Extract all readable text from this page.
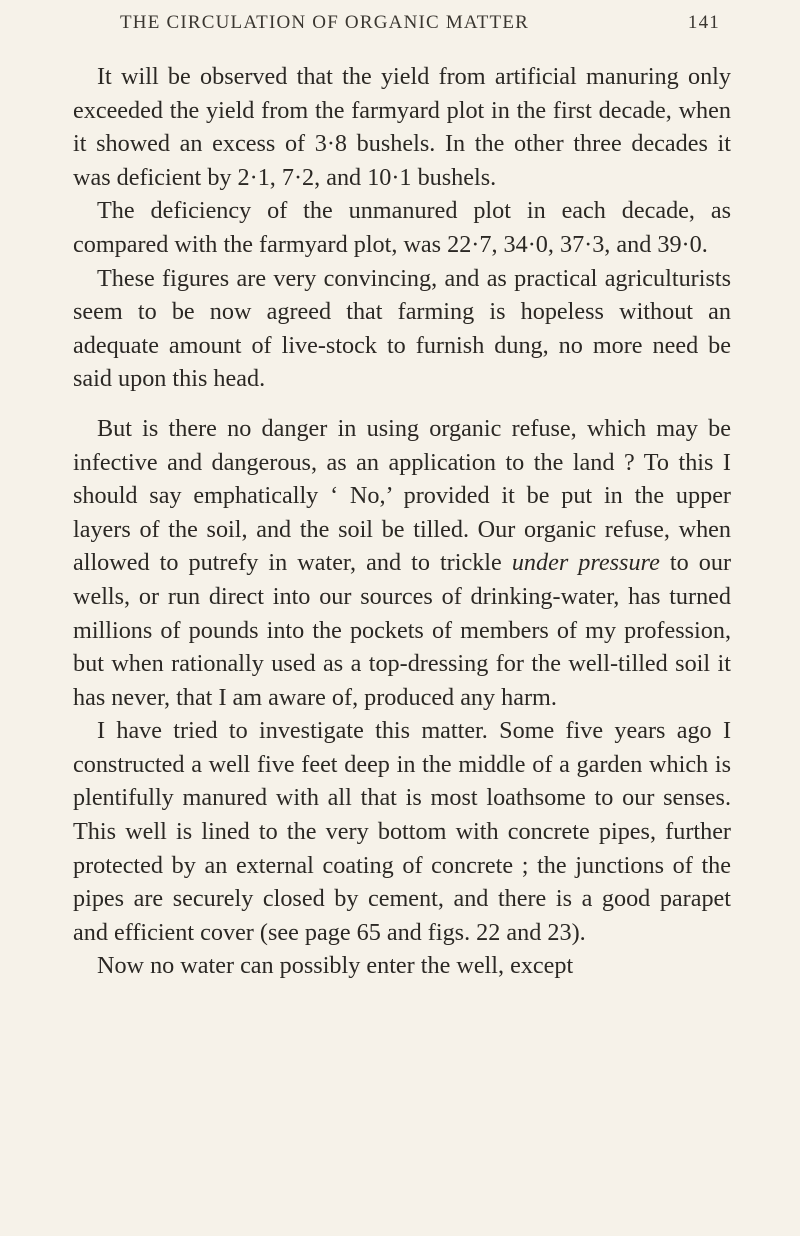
THE CIRCULATION OF ORGANIC MATTER	141

It will be observed that the yield from artificial manuring only exceeded the yield from the farmyard plot in the first decade, when it showed an excess of 3·8 bushels. In the other three decades it was deficient by 2·1, 7·2, and 10·1 bushels.

The deficiency of the unmanured plot in each decade, as compared with the farmyard plot, was 22·7, 34·0, 37·3, and 39·0.

These figures are very convincing, and as practical agriculturists seem to be now agreed that farming is hopeless without an adequate amount of live-stock to furnish dung, no more need be said upon this head.

But is there no danger in using organic refuse, which may be infective and dangerous, as an application to the land ? To this I should say emphatically ‘ No,’ provided it be put in the upper layers of the soil, and the soil be tilled. Our organic refuse, when allowed to putrefy in water, and to trickle under pressure to our wells, or run direct into our sources of drinking-water, has turned millions of pounds into the pockets of members of my profession, but when rationally used as a top-dressing for the well-tilled soil it has never, that I am aware of, produced any harm.

I have tried to investigate this matter. Some five years ago I constructed a well five feet deep in the middle of a garden which is plentifully manured with all that is most loathsome to our senses. This well is lined to the very bottom with concrete pipes, further protected by an external coating of concrete ; the junctions of the pipes are securely closed by cement, and there is a good parapet and efficient cover (see page 65 and figs. 22 and 23).

Now no water can possibly enter the well, except
